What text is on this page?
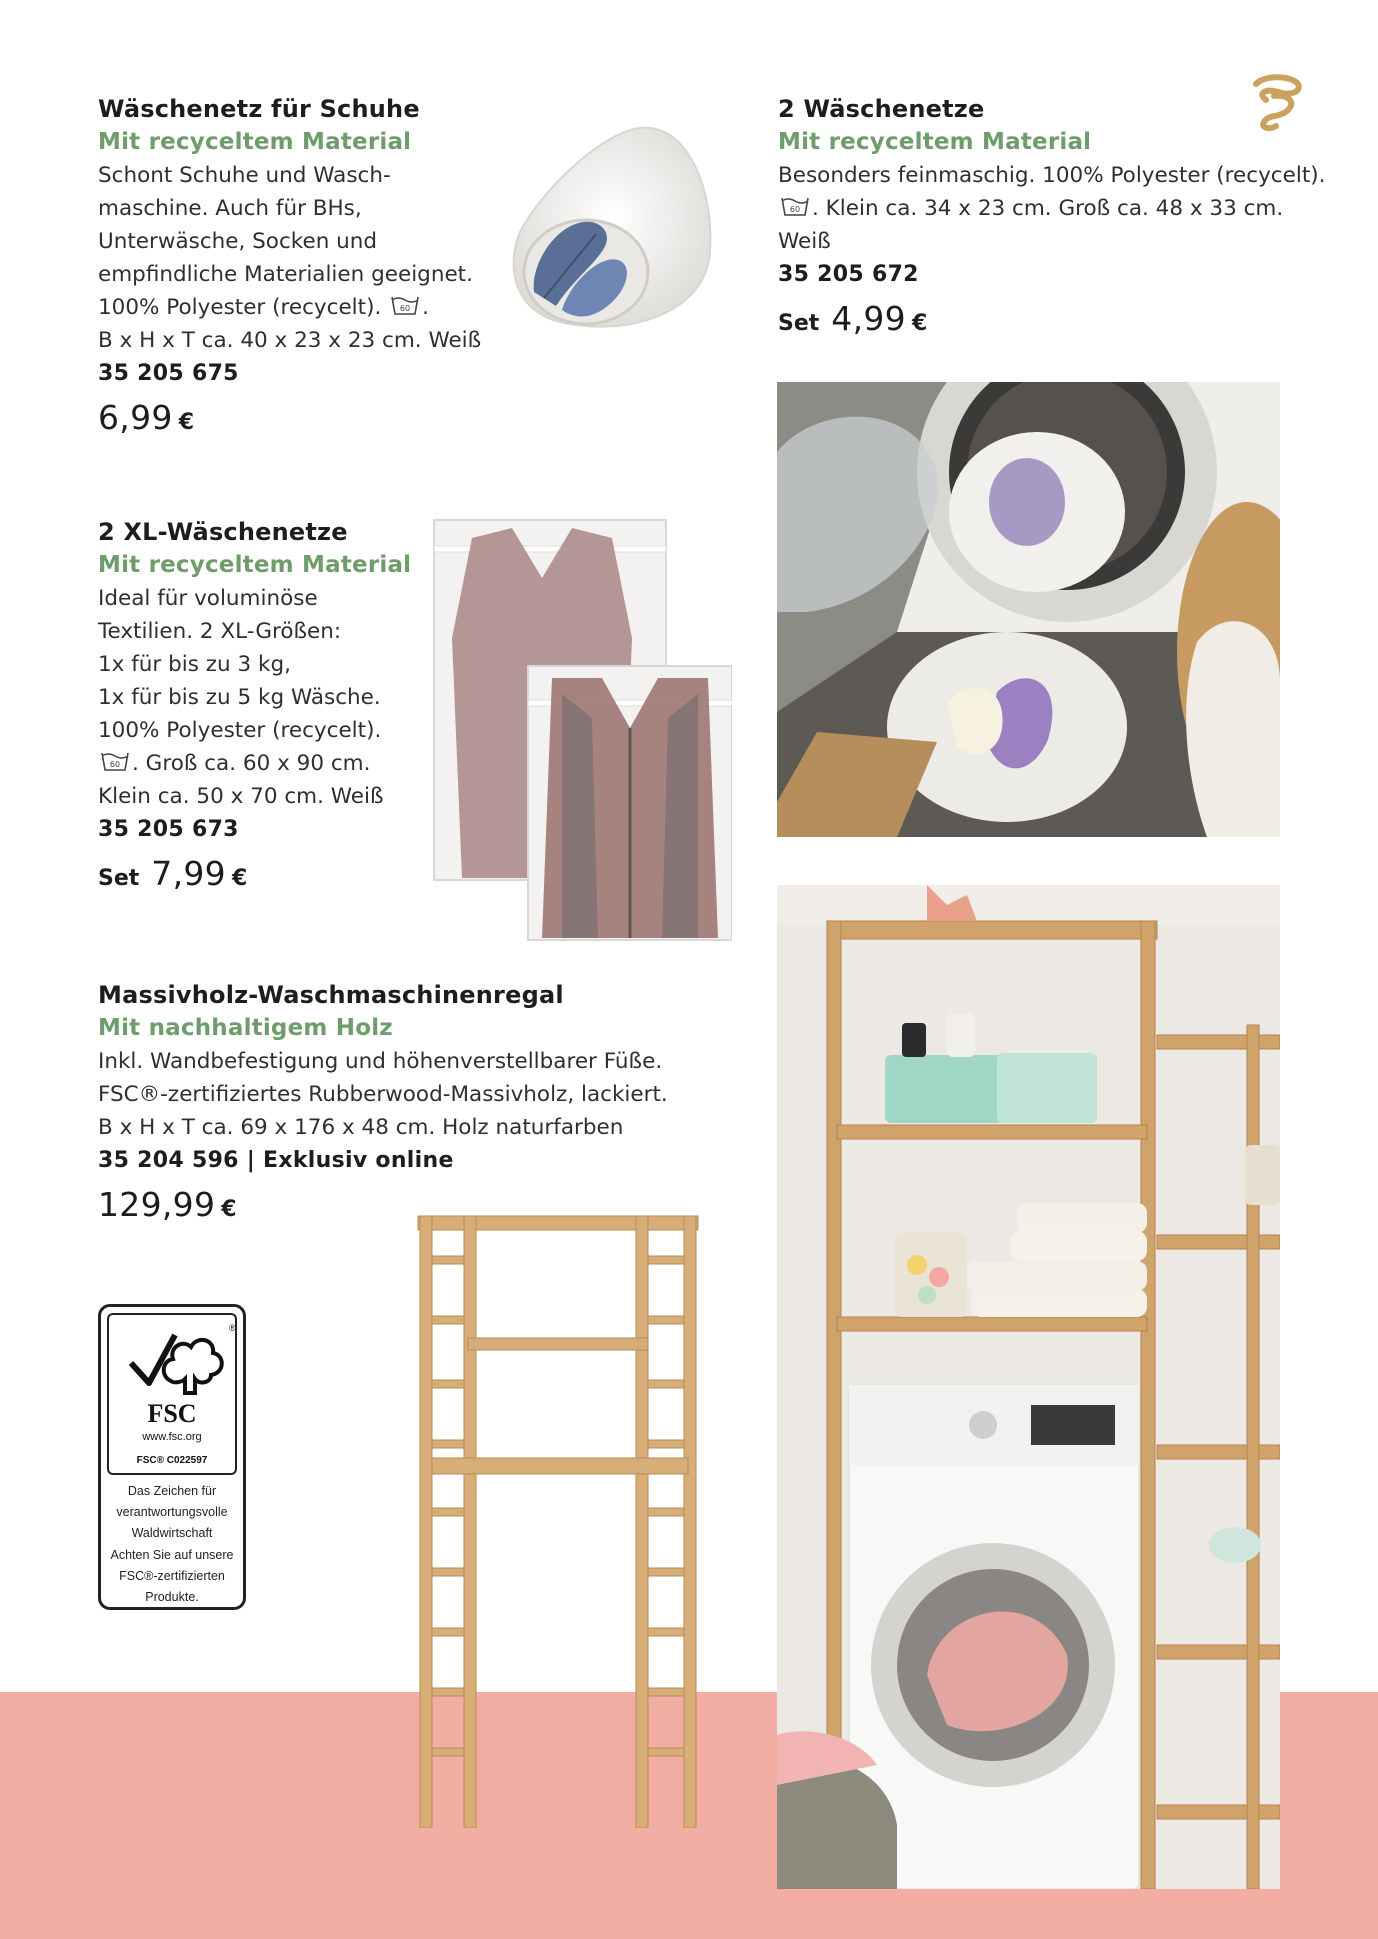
Wäschenetz für Schuhe
Mit recyceltem Material
Schont Schuhe und Wasch-
maschine. Auch für BHs,
Unterwäsche, Socken und
empfindliche Materialien geeignet.
100% Polyester (recycelt). 60 .
B x H x T ca. 40 x 23 x 23 cm. Weiß
35 205 675
6,99 €
2 Wäschenetze
Mit recyceltem Material
Besonders feinmaschig. 100% Polyester (recycelt).
60 . Klein ca. 34 x 23 cm. Groß ca. 48 x 33 cm.
Weiß
35 205 672
Set 4,99 €
2 XL-Wäschenetze
Mit recyceltem Material
Ideal für voluminöse
Textilien. 2 XL-Größen:
1x für bis zu 3 kg,
1x für bis zu 5 kg Wäsche.
100% Polyester (recycelt).
60 . Groß ca. 60 x 90 cm.
Klein ca. 50 x 70 cm. Weiß
35 205 673
Set 7,99 €
Massivholz-Waschmaschinenregal
Mit nachhaltigem Holz
Inkl. Wandbefestigung und höhenverstellbarer Füße.
FSC®-zertifiziertes Rubberwood-Massivholz, lackiert.
B x H x T ca. 69 x 176 x 48 cm. Holz naturfarben
35 204 596 | Exklusiv online
129,99 €
®
FSC
www.fsc.org
FSC® C022597
Das Zeichen für
verantwortungsvolle
Waldwirtschaft
Achten Sie auf unsere
FSC®-zertifizierten
Produkte.
